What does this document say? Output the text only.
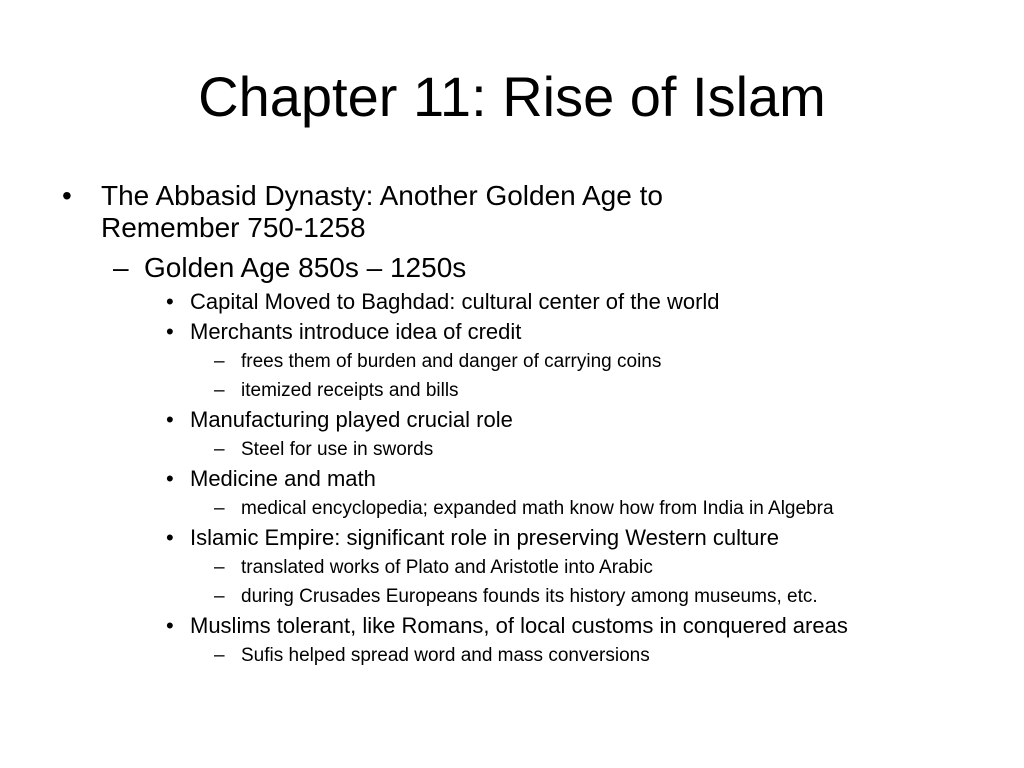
Chapter 11: Rise of Islam
• The Abbasid Dynasty: Another Golden Age to
Remember 750-1258
– Golden Age 850s – 1250s
• Capital Moved to Baghdad: cultural center of the world
• Merchants introduce idea of credit
– frees them of burden and danger of carrying coins
– itemized receipts and bills
• Manufacturing played crucial role
– Steel for use in swords
• Medicine and math
– medical encyclopedia; expanded math know how from India in Algebra
• Islamic Empire: significant role in preserving Western culture
– translated works of Plato and Aristotle into Arabic
– during Crusades Europeans founds its history among museums, etc.
• Muslims tolerant, like Romans, of local customs in conquered areas
– Sufis helped spread word and mass conversions
